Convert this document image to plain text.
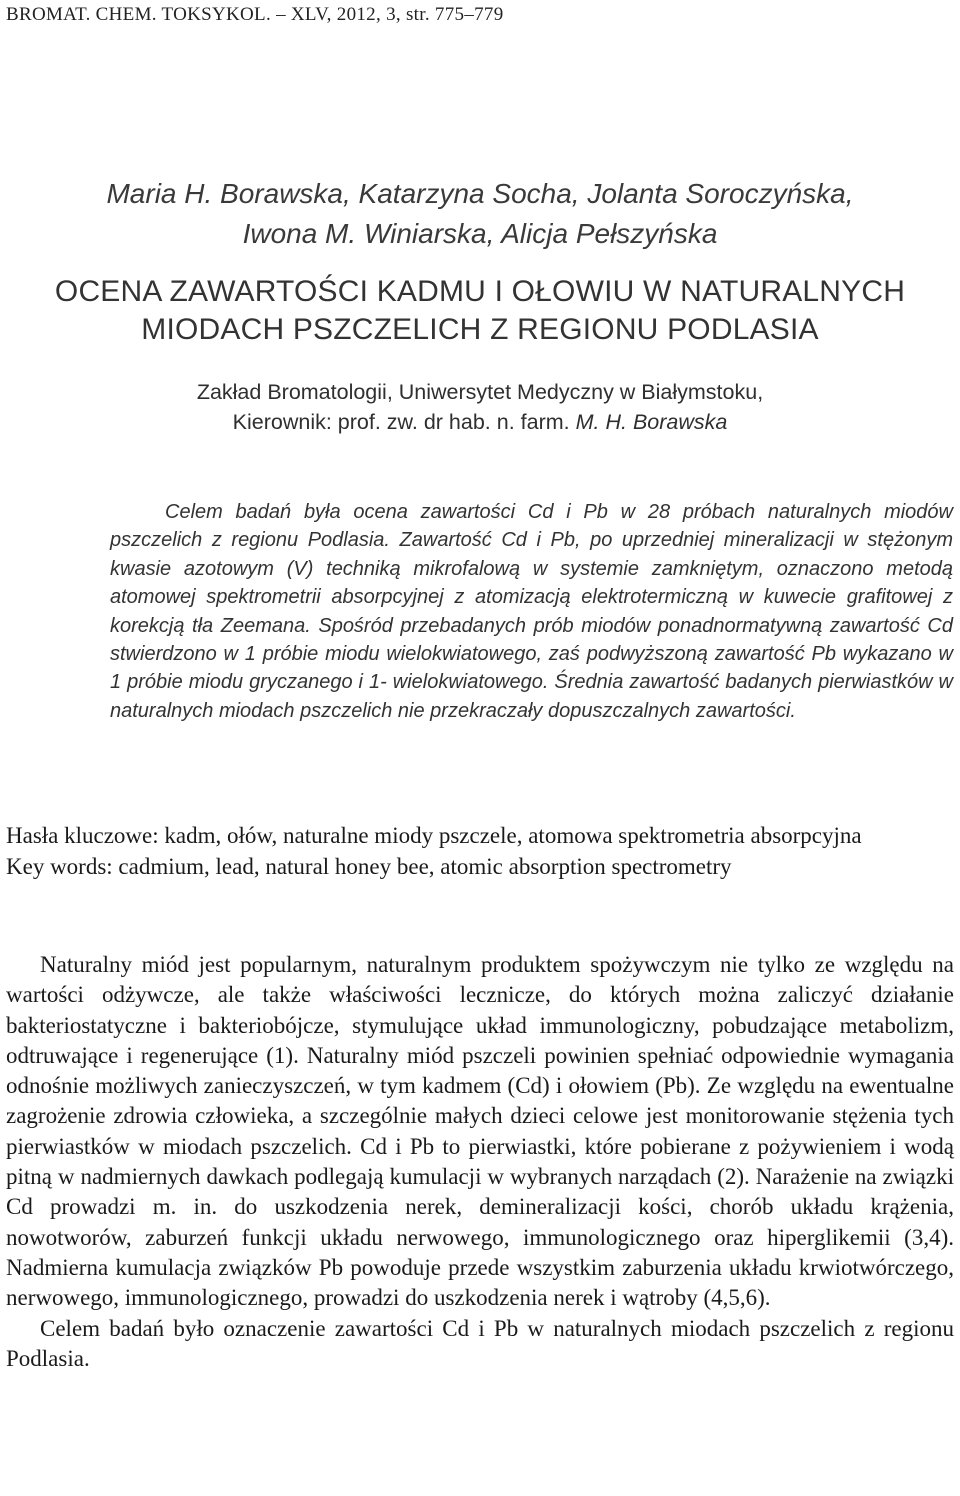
BROMAT. CHEM. TOKSYKOL. – XLV, 2012, 3, str. 775–779
Maria H. Borawska, Katarzyna Socha, Jolanta Soroczyńska,
Iwona M. Winiarska, Alicja Pełszyńska
OCENA ZAWARTOŚCI KADMU I OŁOWIU W NATURALNYCH
MIODACH PSZCZELICH Z REGIONU PODLASIA
Zakład Bromatologii, Uniwersytet Medyczny w Białymstoku,
Kierownik: prof. zw. dr hab. n. farm. M. H. Borawska

Celem badań była ocena zawartości Cd i Pb w 28 próbach naturalnych miodów pszczelich z regionu Podlasia. Zawartość Cd i Pb, po uprzedniej mineralizacji w stężonym kwasie azotowym (V) techniką mikrofalową w systemie zamkniętym, oznaczono metodą atomowej spektrometrii absorpcyjnej z atomizacją elektrotermiczną w kuwecie grafitowej z korekcją tła Zeemana. Spośród przebadanych prób miodów ponadnormatywną zawartość Cd stwierdzono w 1 próbie miodu wielokwiatowego, zaś podwyższoną zawartość Pb wykazano w 1 próbie miodu gryczanego i 1- wielokwiatowego. Średnia zawartość badanych pierwiastków w naturalnych miodach pszczelich nie przekraczały dopuszczalnych zawartości.

Hasła kluczowe: kadm, ołów, naturalne miody pszczele, atomowa spektrometria absorpcyjna
Key words: cadmium, lead, natural honey bee, atomic absorption spectrometry

Naturalny miód jest popularnym, naturalnym produktem spożywczym nie tylko ze względu na wartości odżywcze, ale także właściwości lecznicze, do których można zaliczyć działanie bakteriostatyczne i bakteriobójcze, stymulujące układ immunologiczny, pobudzające metabolizm, odtruwające i regenerujące (1). Naturalny miód pszczeli powinien spełniać odpowiednie wymagania odnośnie możliwych zanieczyszczeń, w tym kadmem (Cd) i ołowiem (Pb). Ze względu na ewentualne zagrożenie zdrowia człowieka, a szczególnie małych dzieci celowe jest monitorowanie stężenia tych pierwiastków w miodach pszczelich. Cd i Pb to pierwiastki, które pobierane z pożywieniem i wodą pitną w nadmiernych dawkach podlegają kumulacji w wybranych narządach (2). Narażenie na związki Cd prowadzi m. in. do uszkodzenia nerek, demineralizacji kości, chorób układu krążenia, nowotworów, zaburzeń funkcji układu nerwowego, immunologicznego oraz hiperglikemii (3,4). Nadmierna kumulacja związków Pb powoduje przede wszystkim zaburzenia układu krwiotwórczego, nerwowego, immunologicznego, prowadzi do uszkodzenia nerek i wątroby (4,5,6).

Celem badań było oznaczenie zawartości Cd i Pb w naturalnych miodach pszczelich z regionu Podlasia.
